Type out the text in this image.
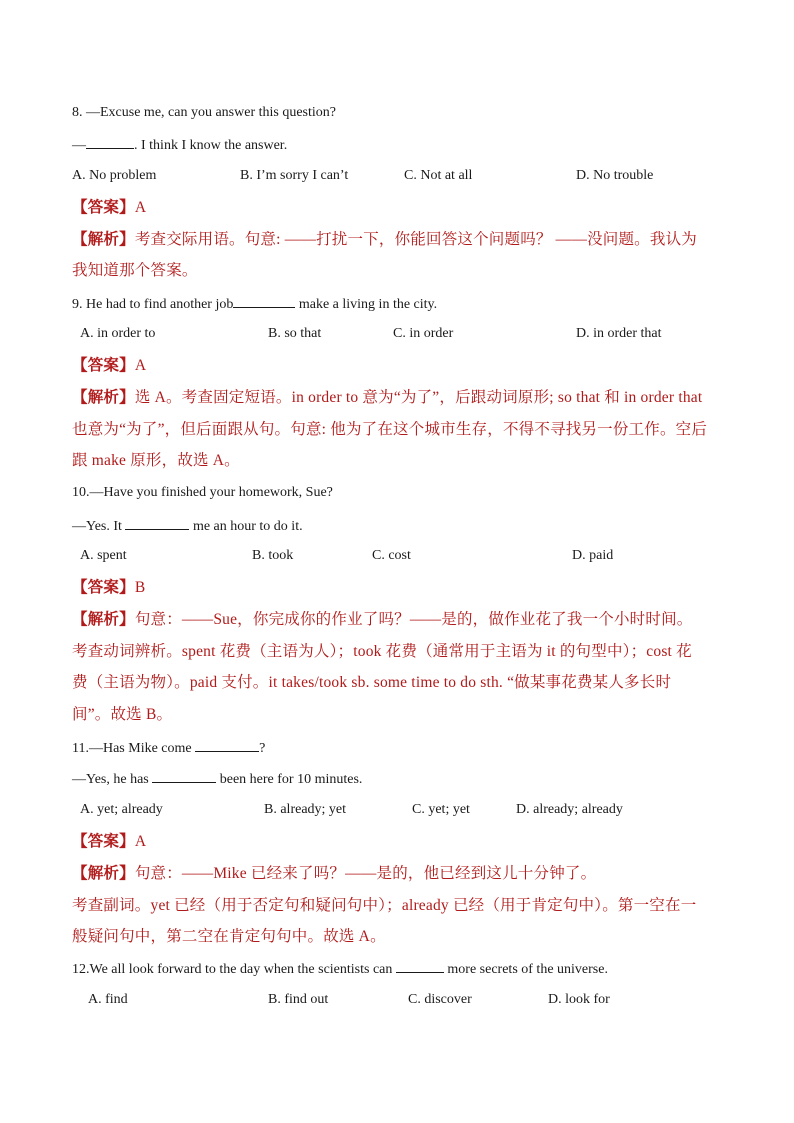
8. —Excuse me, can you answer this question?
—	. I think I know the answer.
A. No problem	B. I’m sorry I can’t	C. Not at all	D. No trouble
【答案】A
【解析】考查交际用语。句意: ——打扰一下，你能回答这个问题吗？ ——没问题。我认为
我知道那个答案。
9. He had to find another job	make a living in the city.
A. in order to	B. so that	C. in order	D. in order that
【答案】A
【解析】选 A。考查固定短语。in order to 意为“为了”，后跟动词原形; so that 和 in order that
也意为“为了”，但后面跟从句。句意: 他为了在这个城市生存，不得不寻找另一份工作。空后
跟 make 原形，故选 A。
10.—Have you finished your homework, Sue?
—Yes. It	me an hour to do it.
A. spent	B. took	C. cost	D. paid
【答案】B
【解析】句意：——Sue，你完成你的作业了吗？——是的，做作业花了我一个小时时间。
考查动词辨析。spent 花费（主语为人）；took 花费（通常用于主语为 it 的句型中）；cost 花
费（主语为物）。paid 支付。it takes/took sb. some time to do sth. “做某事花费某人多长时
间”。故选 B。
11.—Has Mike come	?
—Yes, he has	been here for 10 minutes.
A. yet; already	B. already; yet	C. yet; yet	D. already; already
【答案】A
【解析】句意：——Mike 已经来了吗？——是的，他已经到这儿十分钟了。
考查副词。yet 已经（用于否定句和疑问句中）；already 已经（用于肯定句中）。第一空在一
般疑问句中，第二空在肯定句句中。故选 A。
12.We all look forward to the day when the scientists can	more secrets of the universe.
A. find	B. find out	C. discover	D. look for
